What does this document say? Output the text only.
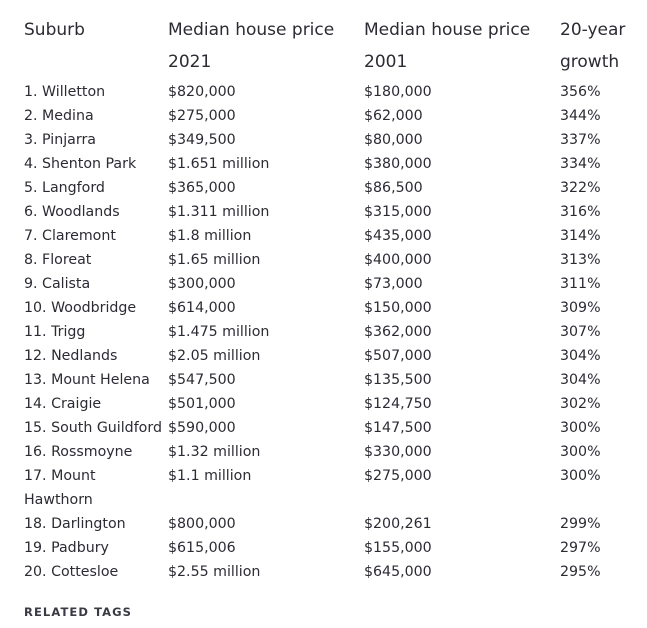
Suburb	Median house price 2021	Median house price 2001	20-year growth
1. Willetton	$820,000	$180,000	356%
2. Medina	$275,000	$62,000	344%
3. Pinjarra	$349,500	$80,000	337%
4. Shenton Park	$1.651 million	$380,000	334%
5. Langford	$365,000	$86,500	322%
6. Woodlands	$1.311 million	$315,000	316%
7. Claremont	$1.8 million	$435,000	314%
8. Floreat	$1.65 million	$400,000	313%
9. Calista	$300,000	$73,000	311%
10. Woodbridge	$614,000	$150,000	309%
11. Trigg	$1.475 million	$362,000	307%
12. Nedlands	$2.05 million	$507,000	304%
13. Mount Helena	$547,500	$135,500	304%
14. Craigie	$501,000	$124,750	302%
15. South Guildford	$590,000	$147,500	300%
16. Rossmoyne	$1.32 million	$330,000	300%
17. Mount Hawthorn	$1.1 million	$275,000	300%
18. Darlington	$800,000	$200,261	299%
19. Padbury	$615,006	$155,000	297%
20. Cottesloe	$2.55 million	$645,000	295%
RELATED TAGS
